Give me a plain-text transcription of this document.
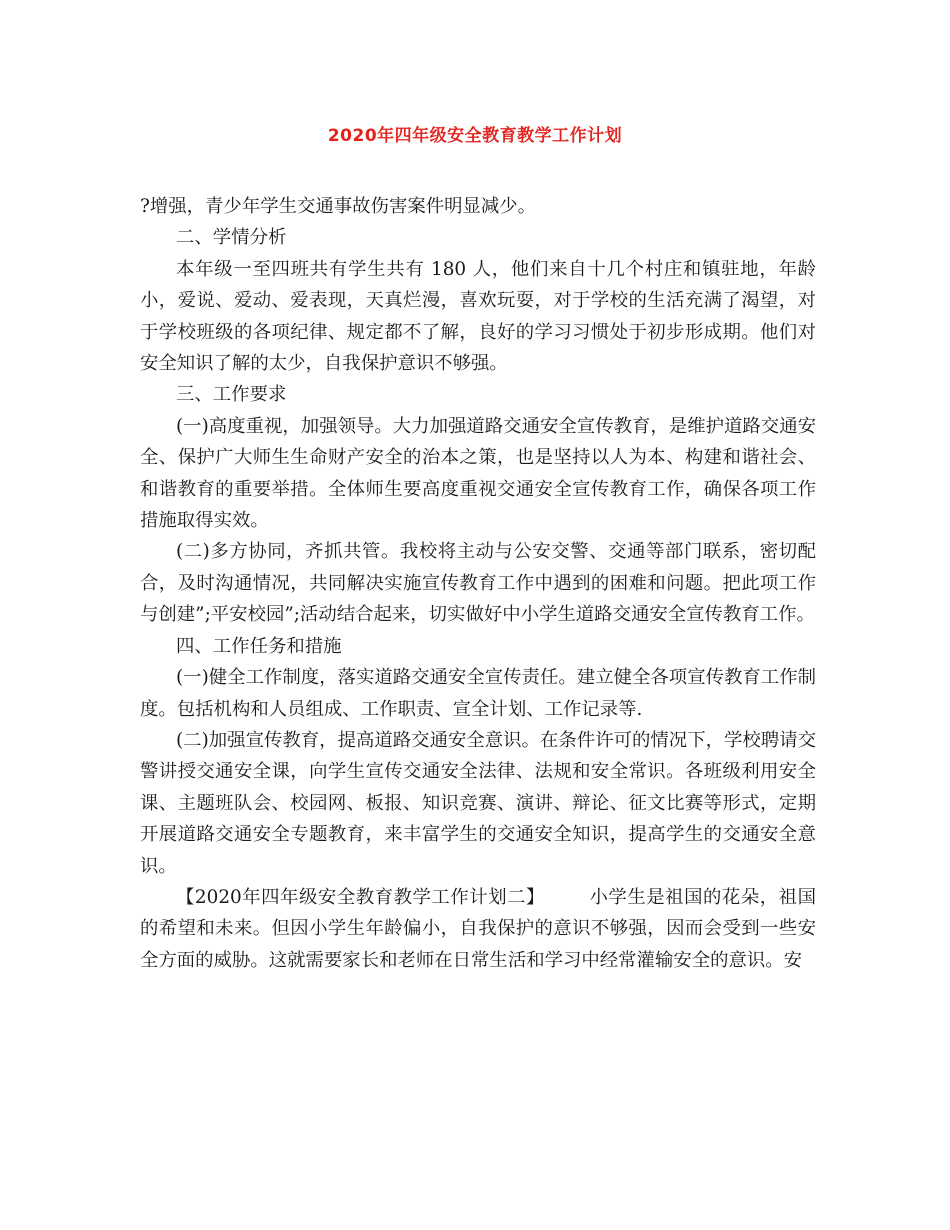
2020年四年级安全教育教学工作计划

?增强，青少年学生交通事故伤害案件明显减少。

二、学情分析

本年级一至四班共有学生共有 180 人，他们来自十几个村庄和镇驻地，年龄小，爱说、爱动、爱表现，天真烂漫，喜欢玩耍，对于学校的生活充满了渴望，对于学校班级的各项纪律、规定都不了解，良好的学习习惯处于初步形成期。他们对安全知识了解的太少，自我保护意识不够强。

三、工作要求

(一)高度重视，加强领导。大力加强道路交通安全宣传教育，是维护道路交通安全、保护广大师生生命财产安全的治本之策，也是坚持以人为本、构建和谐社会、和谐教育的重要举措。全体师生要高度重视交通安全宣传教育工作，确保各项工作措施取得实效。

(二)多方协同，齐抓共管。我校将主动与公安交警、交通等部门联系，密切配合，及时沟通情况，共同解决实施宣传教育工作中遇到的困难和问题。把此项工作与创建”;平安校园”;活动结合起来，切实做好中小学生道路交通安全宣传教育工作。

四、工作任务和措施

(一)健全工作制度，落实道路交通安全宣传责任。建立健全各项宣传教育工作制度。包括机构和人员组成、工作职责、宣全计划、工作记录等.

(二)加强宣传教育，提高道路交通安全意识。在条件许可的情况下，学校聘请交警讲授交通安全课，向学生宣传交通安全法律、法规和安全常识。各班级利用安全课、主题班队会、校园网、板报、知识竞赛、演讲、辩论、征文比赛等形式，定期开展道路交通安全专题教育，来丰富学生的交通安全知识，提高学生的交通安全意识。

【2020年四年级安全教育教学工作计划二】 小学生是祖国的花朵，祖国的希望和未来。但因小学生年龄偏小，自我保护的意识不够强，因而会受到一些安全方面的威胁。这就需要家长和老师在日常生活和学习中经常灌输安全的意识。安
